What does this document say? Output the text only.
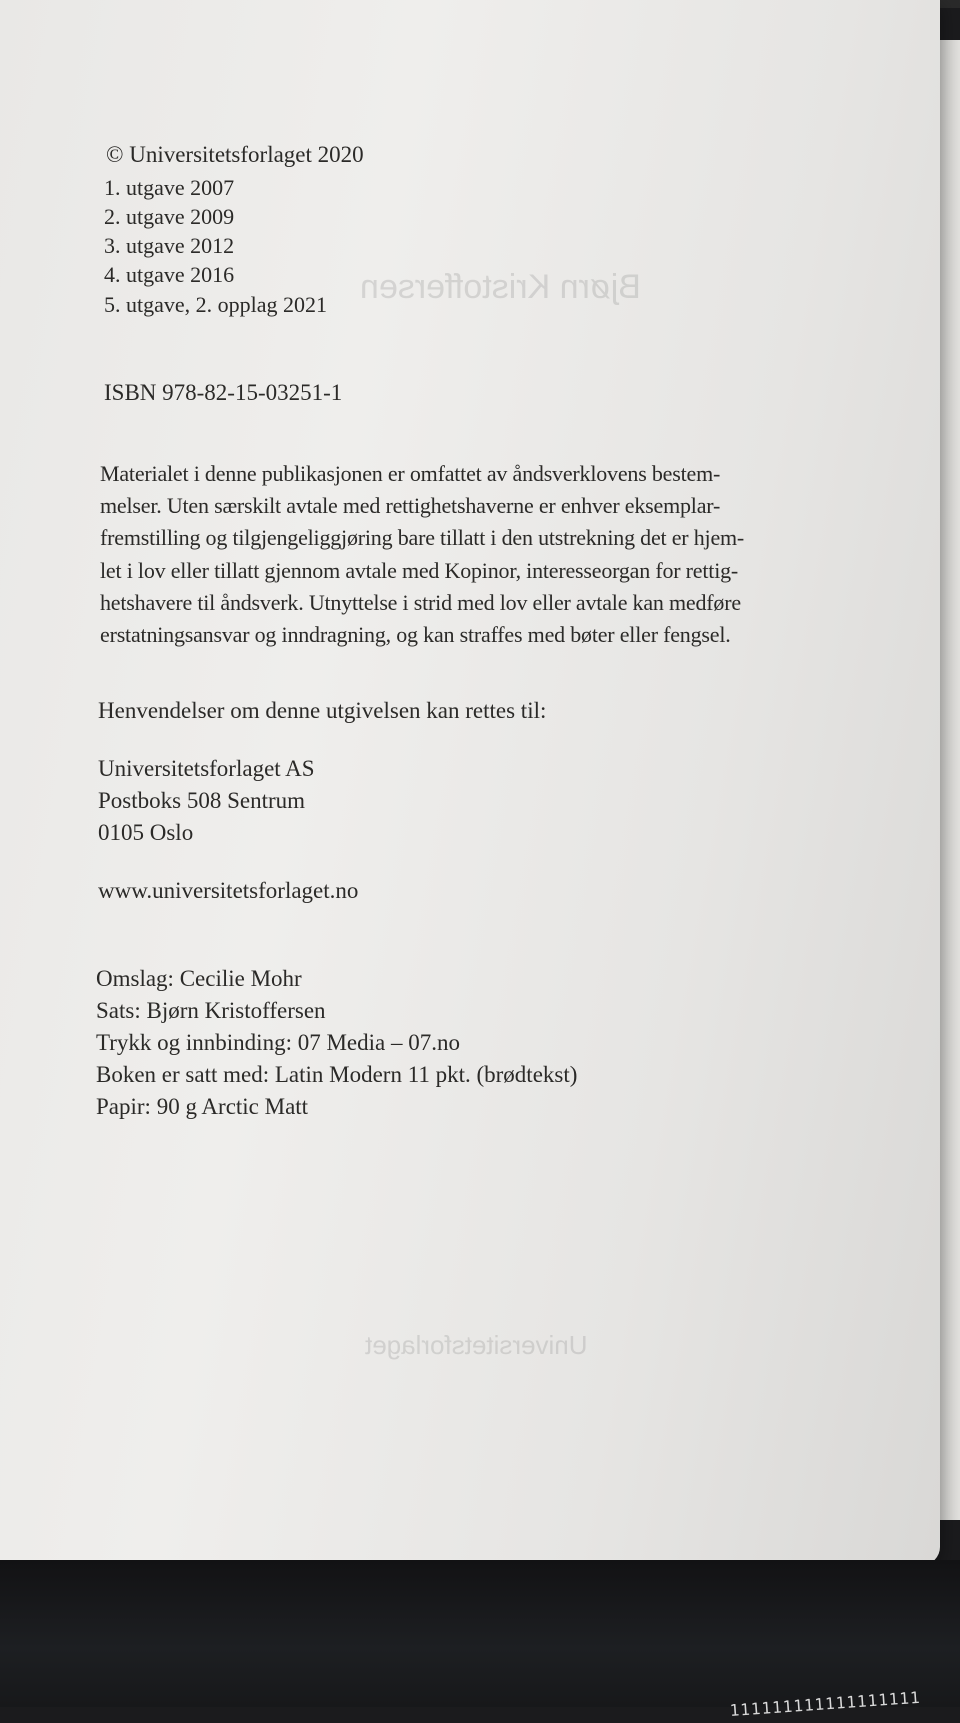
Bjørn Kristoffersen
Universitetsforlaget
© Universitetsforlaget 2020
1. utgave 2007
2. utgave 2009
3. utgave 2012
4. utgave 2016
5. utgave, 2. opplag 2021
ISBN 978-82-15-03251-1
Materialet i denne publikasjonen er omfattet av åndsverklovens bestem-
melser. Uten særskilt avtale med rettighetshaverne er enhver eksemplar-
fremstilling og tilgjengeliggjøring bare tillatt i den utstrekning det er hjem-
let i lov eller tillatt gjennom avtale med Kopinor, interesseorgan for rettig-
hetshavere til åndsverk. Utnyttelse i strid med lov eller avtale kan medføre
erstatningsansvar og inndragning, og kan straffes med bøter eller fengsel.
Henvendelser om denne utgivelsen kan rettes til:
Universitetsforlaget AS
Postboks 508 Sentrum
0105 Oslo
www.universitetsforlaget.no
Omslag: Cecilie Mohr
Sats: Bjørn Kristoffersen
Trykk og innbinding: 07 Media – 07.no
Boken er satt med: Latin Modern 11 pkt. (brødtekst)
Papir: 90 g Arctic Matt
111111111111111111
